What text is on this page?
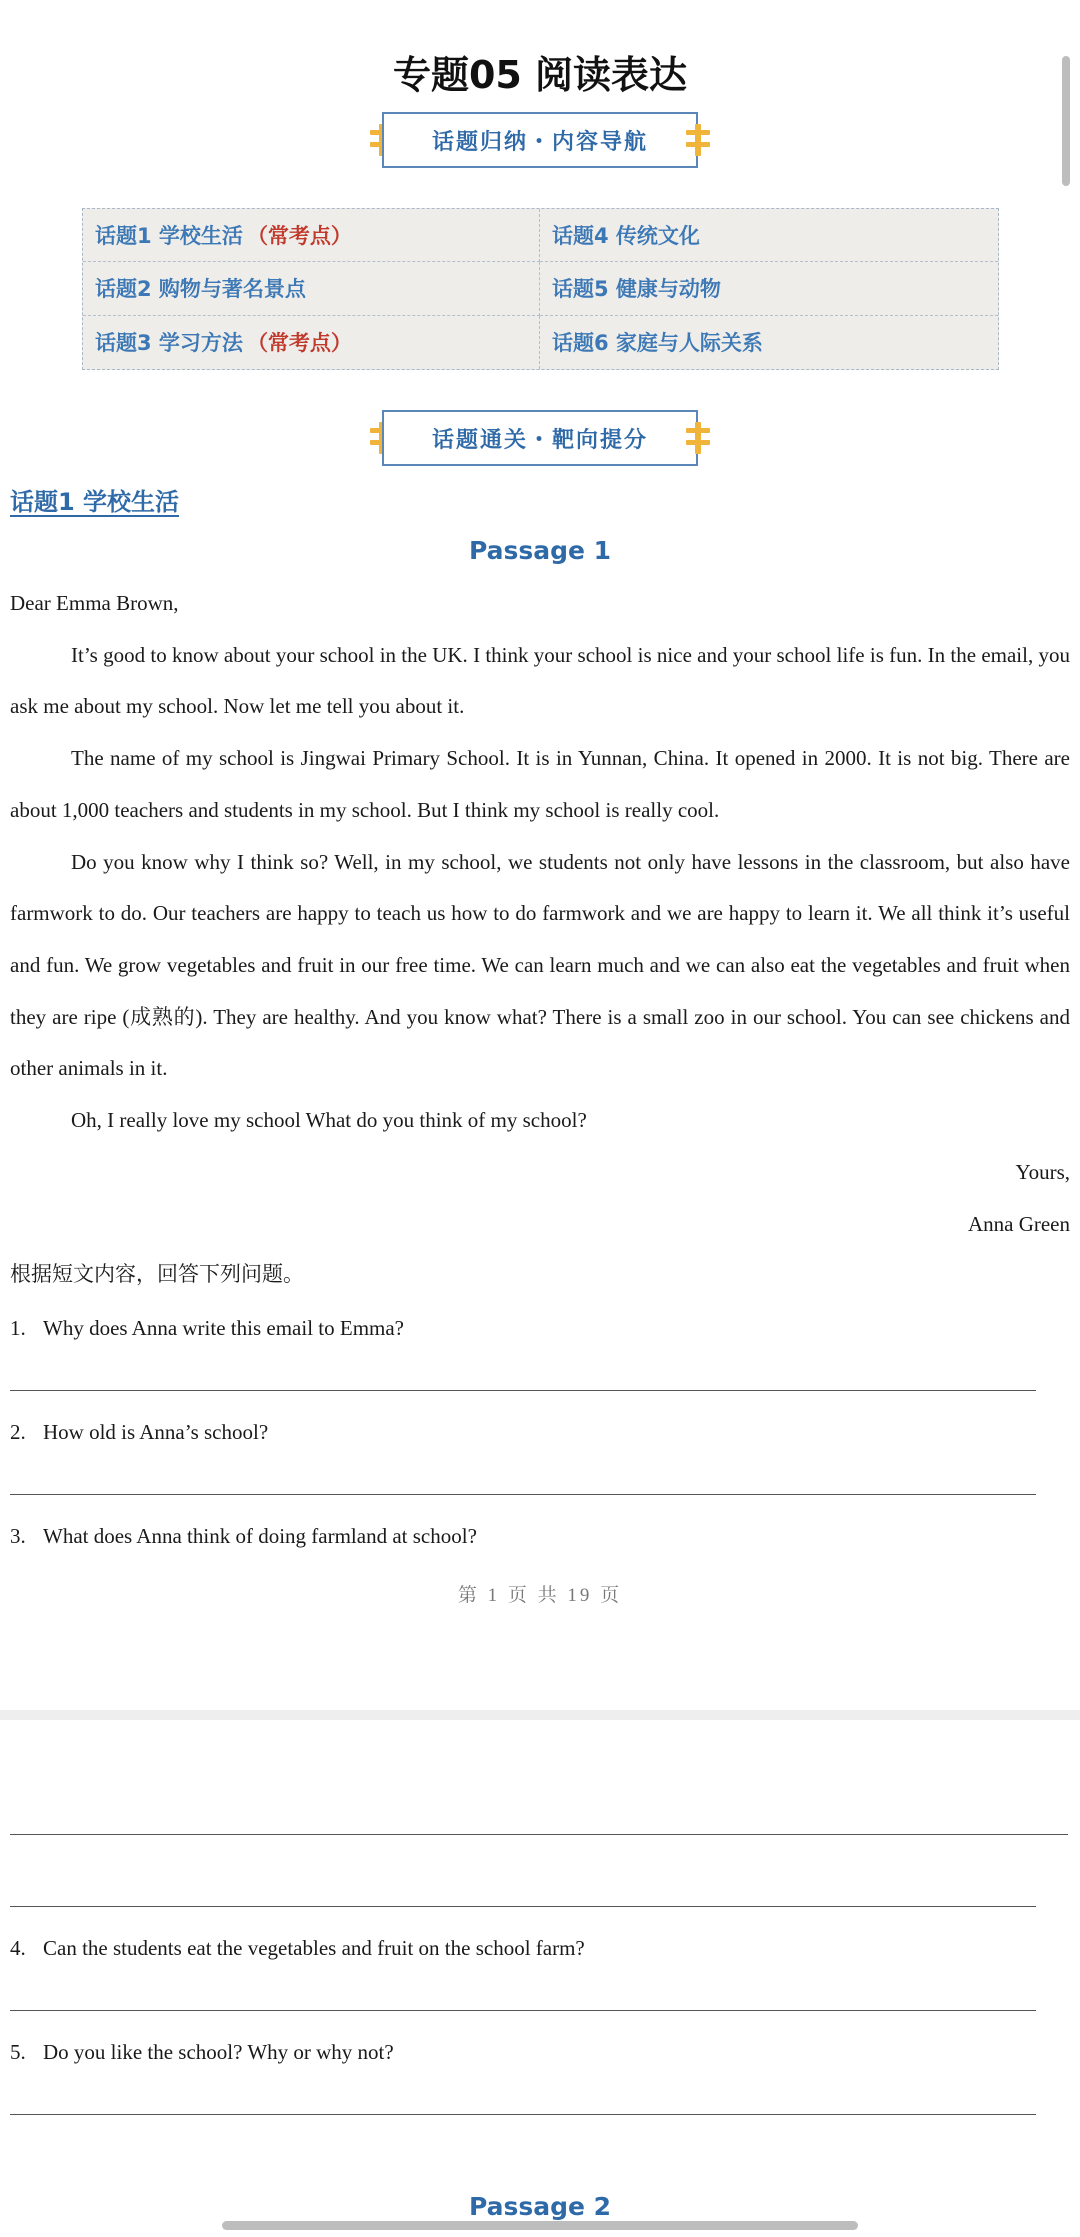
专题05 阅读表达
话题归纳・内容导航
话题1 学校生活 （常考点）	话题4 传统文化
话题2 购物与著名景点	话题5 健康与动物
话题3 学习方法 （常考点）	话题6 家庭与人际关系
话题通关・靶向提分
话题1 学校生活
Passage 1

Dear Emma Brown,

It’s good to know about your school in the UK. I think your school is nice and your school life is fun. In the email, you ask me about my school. Now let me tell you about it.

The name of my school is Jingwai Primary School. It is in Yunnan, China. It opened in 2000. It is not big. There are about 1,000 teachers and students in my school. But I think my school is really cool.

Do you know why I think so? Well, in my school, we students not only have lessons in the classroom, but also have farmwork to do. Our teachers are happy to teach us how to do farmwork and we are happy to learn it. We all think it’s useful and fun. We grow vegetables and fruit in our free time. We can learn much and we can also eat the vegetables and fruit when they are ripe (成熟的). They are healthy. And you know what? There is a small zoo in our school. You can see chickens and other animals in it.

Oh, I really love my school What do you think of my school?

Yours,
Anna Green
根据短文内容，回答下列问题。
1. Why does Anna write this email to Emma?
2. How old is Anna’s school?
3. What does Anna think of doing farmland at school?
第 1 页 共 19 页
4. Can the students eat the vegetables and fruit on the school farm?
5. Do you like the school? Why or why not?
Passage 2
